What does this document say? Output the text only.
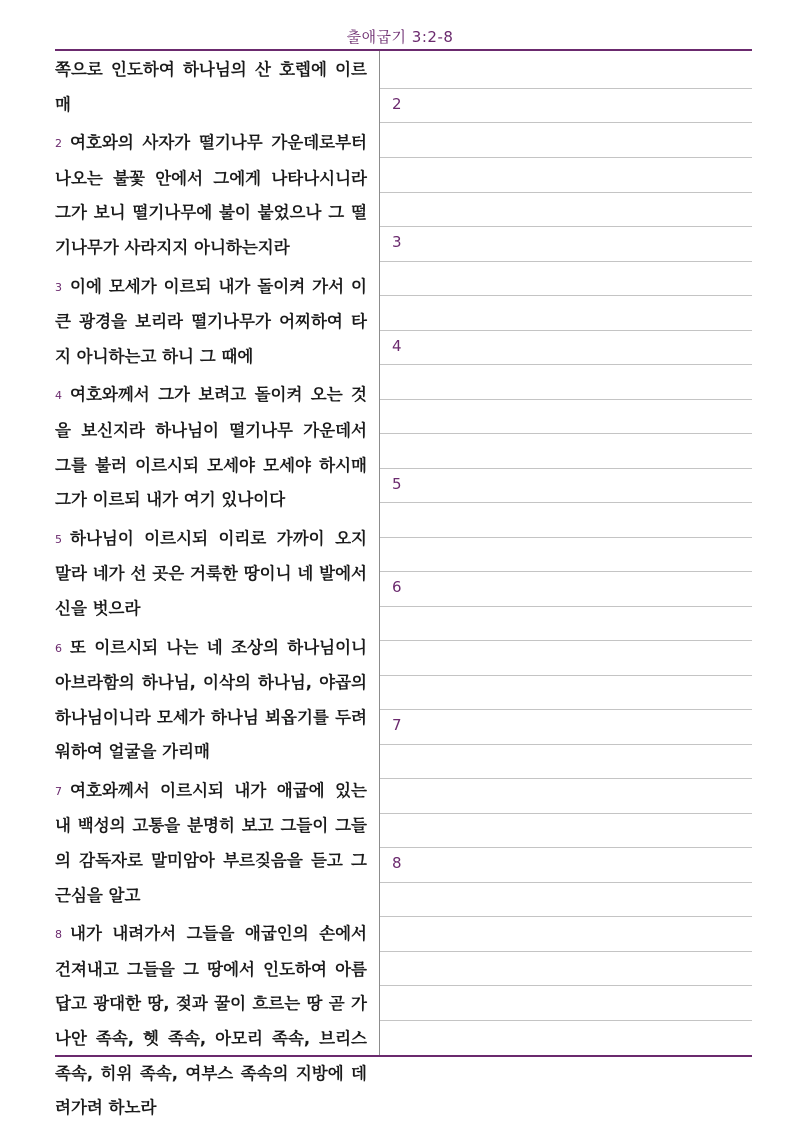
출애굽기 3:2-8

쪽으로 인도하여 하나님의 산 호렙에 이르매

2 여호와의 사자가 떨기나무 가운데로부터 나오는 불꽃 안에서 그에게 나타나시니라 그가 보니 떨기나무에 불이 붙었으나 그 떨기나무가 사라지지 아니하는지라

3 이에 모세가 이르되 내가 돌이켜 가서 이 큰 광경을 보리라 떨기나무가 어찌하여 타지 아니하는고 하니 그 때에

4 여호와께서 그가 보려고 돌이켜 오는 것을 보신지라 하나님이 떨기나무 가운데서 그를 불러 이르시되 모세야 모세야 하시매 그가 이르되 내가 여기 있나이다

5 하나님이 이르시되 이리로 가까이 오지 말라 네가 선 곳은 거룩한 땅이니 네 발에서 신을 벗으라

6 또 이르시되 나는 네 조상의 하나님이니 아브라함의 하나님, 이삭의 하나님, 야곱의 하나님이니라 모세가 하나님 뵈옵기를 두려워하여 얼굴을 가리매

7 여호와께서 이르시되 내가 애굽에 있는 내 백성의 고통을 분명히 보고 그들이 그들의 감독자로 말미암아 부르짖음을 듣고 그 근심을 알고

8 내가 내려가서 그들을 애굽인의 손에서 건져내고 그들을 그 땅에서 인도하여 아름답고 광대한 땅, 젖과 꿀이 흐르는 땅 곧 가나안 족속, 헷 족속, 아모리 족속, 브리스 족속, 히위 족속, 여부스 족속의 지방에 데려가려 하노라

2
3
4
5
6
7
8
